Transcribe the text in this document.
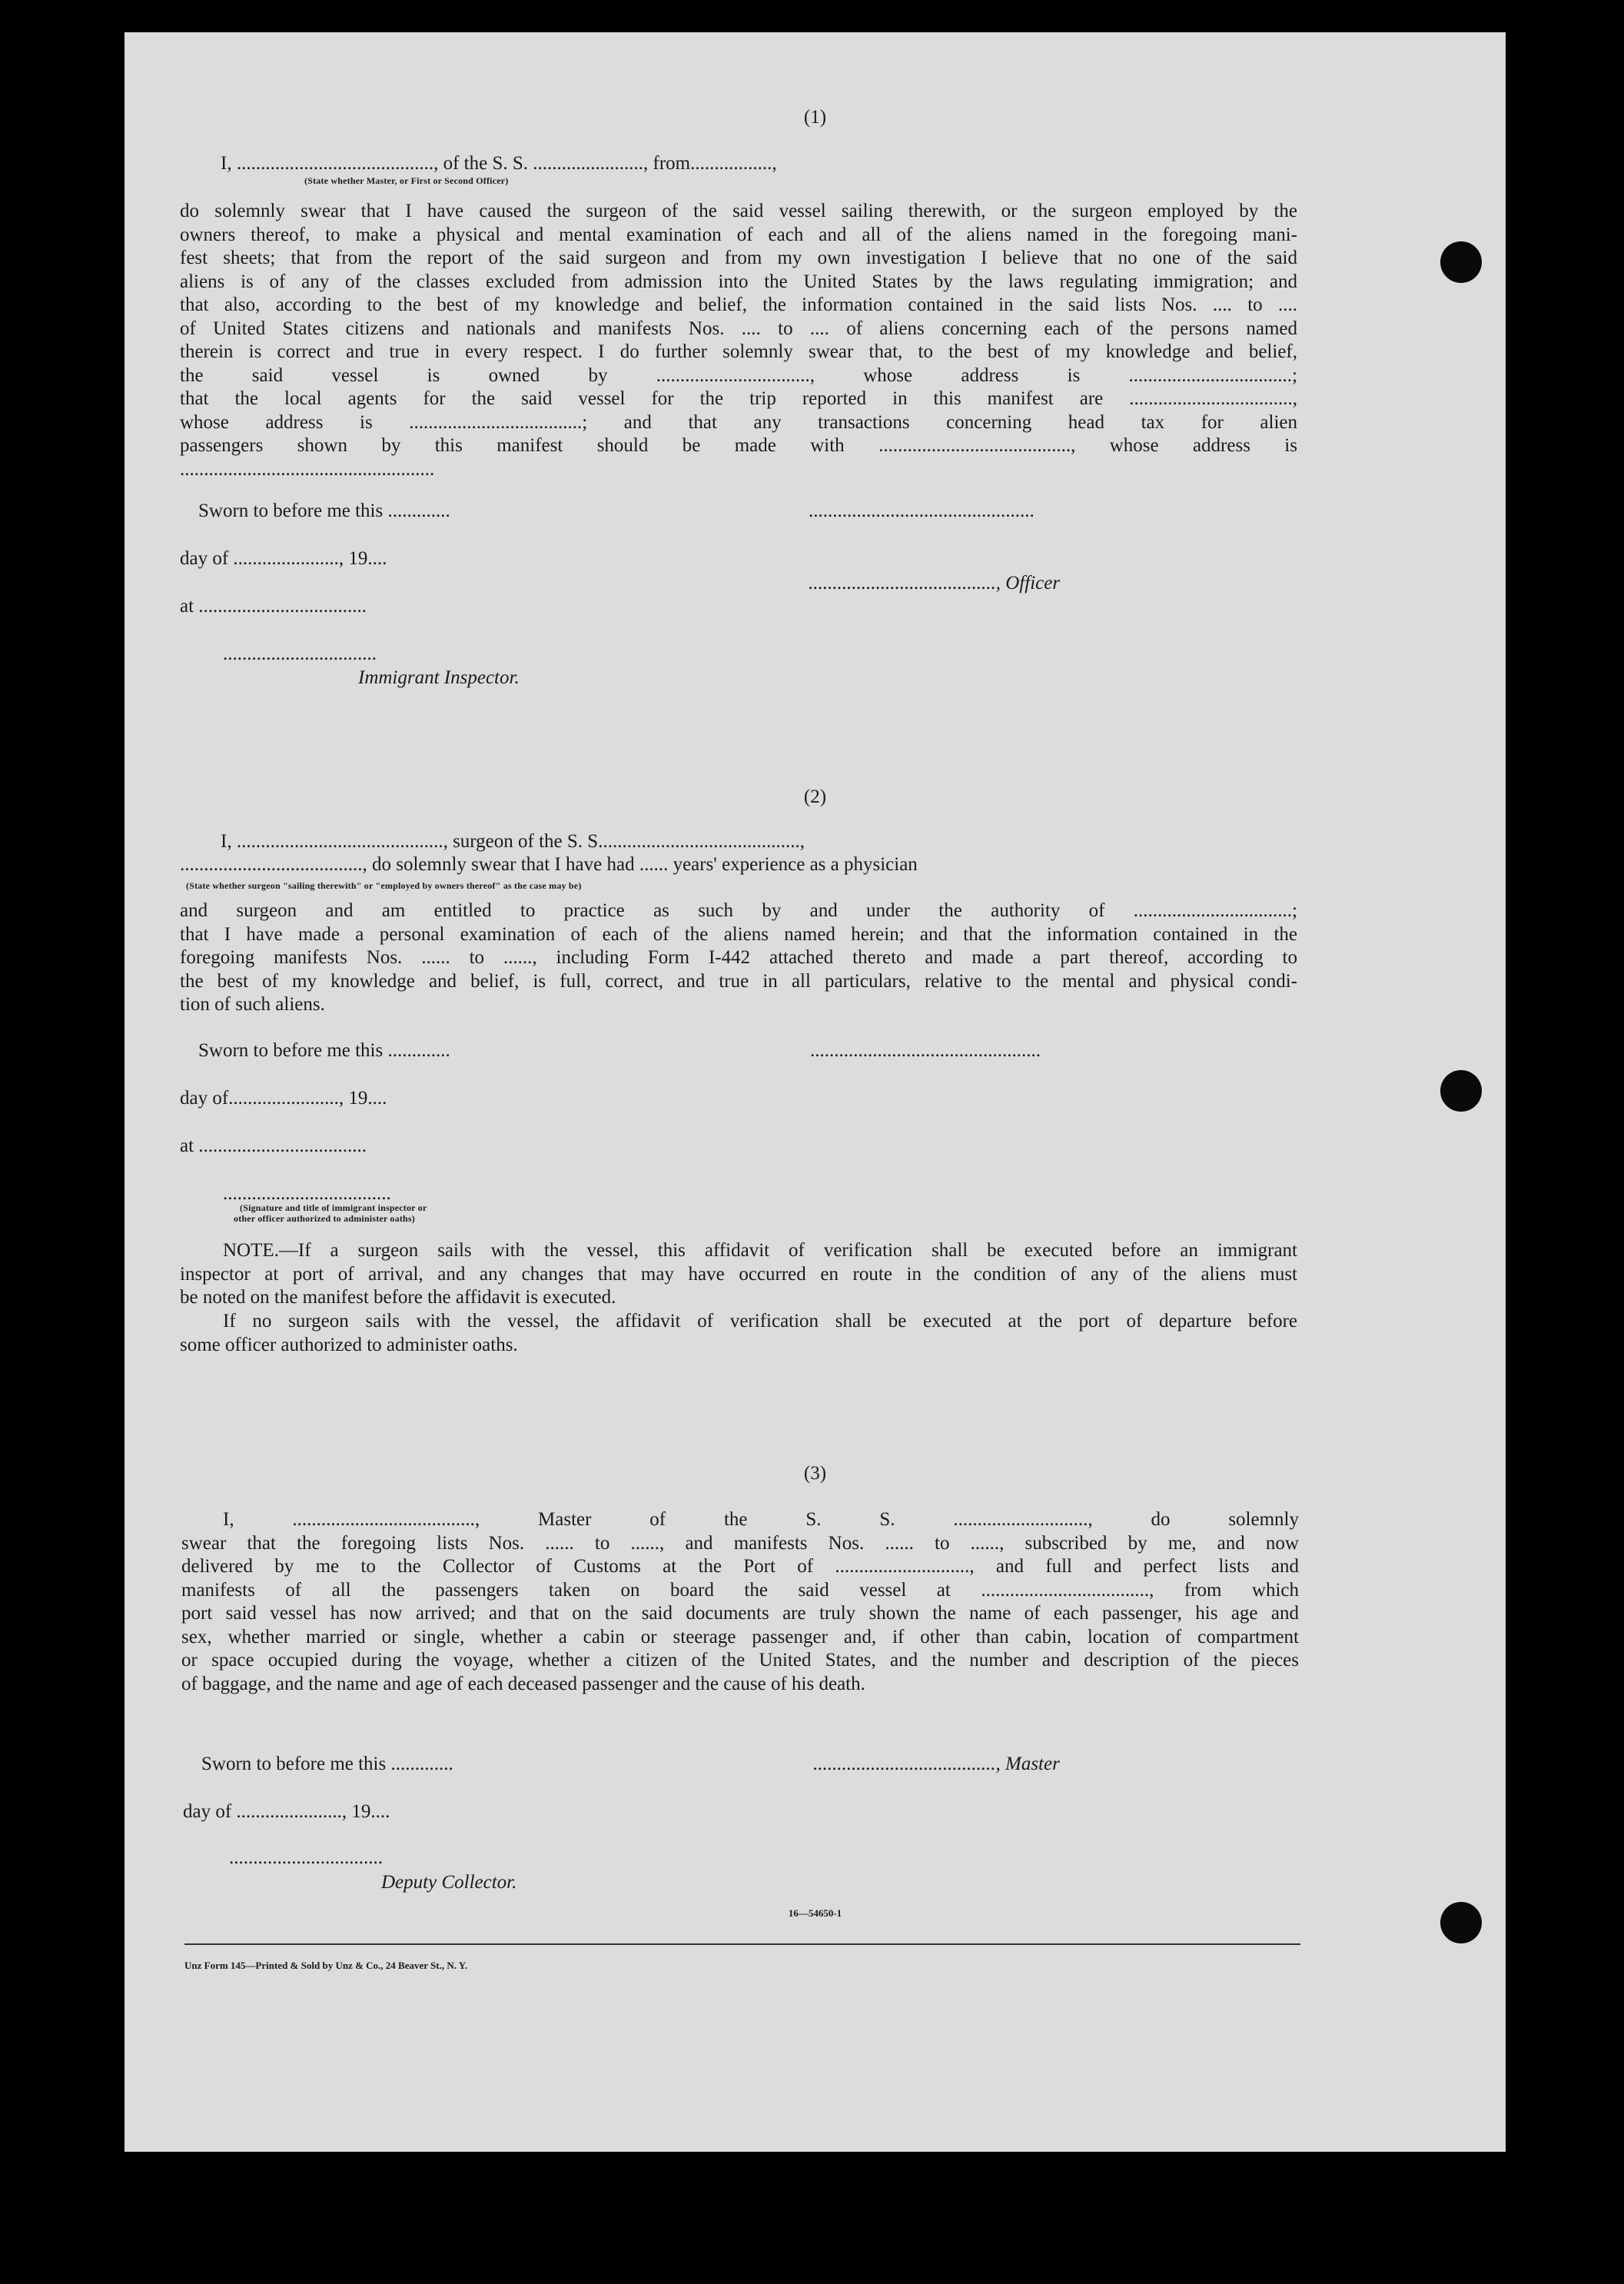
(1)
I, ........................................., of the S. S. ......................., from.................,
(State whether Master, or First or Second Officer)
do solemnly swear that I have caused the surgeon of the said vessel sailing therewith, or the surgeon employed by the
owners thereof, to make a physical and mental examination of each and all of the aliens named in the foregoing mani-
fest sheets; that from the report of the said surgeon and from my own investigation I believe that no one of the said
aliens is of any of the classes excluded from admission into the United States by the laws regulating immigration; and
that also, according to the best of my knowledge and belief, the information contained in the said lists Nos. .... to ....
of United States citizens and nationals and manifests Nos. .... to .... of aliens concerning each of the persons named
therein is correct and true in every respect. I do further solemnly swear that, to the best of my knowledge and belief,
the said vessel is owned by ................................, whose address is ..................................;
that the local agents for the said vessel for the trip reported in this manifest are ..................................,
whose address is ....................................; and that any transactions concerning head tax for alien
passengers shown by this manifest should be made with ........................................, whose address is
.....................................................
Sworn to before me this .............
day of ......................, 19....
at ...................................
................................
Immigrant Inspector.
...............................................
......................................., Officer
(2)
I, ..........................................., surgeon of the S. S..........................................,
......................................, do solemnly swear that I have had ...... years' experience as a physician
(State whether surgeon "sailing therewith" or "employed by owners thereof" as the case may be)
and surgeon and am entitled to practice as such by and under the authority of .................................;
that I have made a personal examination of each of the aliens named herein; and that the information contained in the
foregoing manifests Nos. ...... to ......, including Form I-442 attached thereto and made a part thereof, according to
the best of my knowledge and belief, is full, correct, and true in all particulars, relative to the mental and physical condi-
tion of such aliens.
Sworn to before me this .............
day of......................., 19....
at ...................................
...................................
(Signature and title of immigrant inspector or
other officer authorized to administer oaths)
................................................
NOTE.—If a surgeon sails with the vessel, this affidavit of verification shall be executed before an immigrant
inspector at port of arrival, and any changes that may have occurred en route in the condition of any of the aliens must
be noted on the manifest before the affidavit is executed.
If no surgeon sails with the vessel, the affidavit of verification shall be executed at the port of departure before
some officer authorized to administer oaths.
(3)
I, ......................................, Master of the S. S. ............................, do solemnly
swear that the foregoing lists Nos. ...... to ......, and manifests Nos. ...... to ......, subscribed by me, and now
delivered by me to the Collector of Customs at the Port of ............................, and full and perfect lists and
manifests of all the passengers taken on board the said vessel at ..................................., from which
port said vessel has now arrived; and that on the said documents are truly shown the name of each passenger, his age and
sex, whether married or single, whether a cabin or steerage passenger and, if other than cabin, location of compartment
or space occupied during the voyage, whether a citizen of the United States, and the number and description of the pieces
of baggage, and the name and age of each deceased passenger and the cause of his death.
Sworn to before me this .............
day of ......................, 19....
................................
Deputy Collector.
......................................, Master
16—54650-1
Unz Form 145—Printed & Sold by Unz & Co., 24 Beaver St., N. Y.
